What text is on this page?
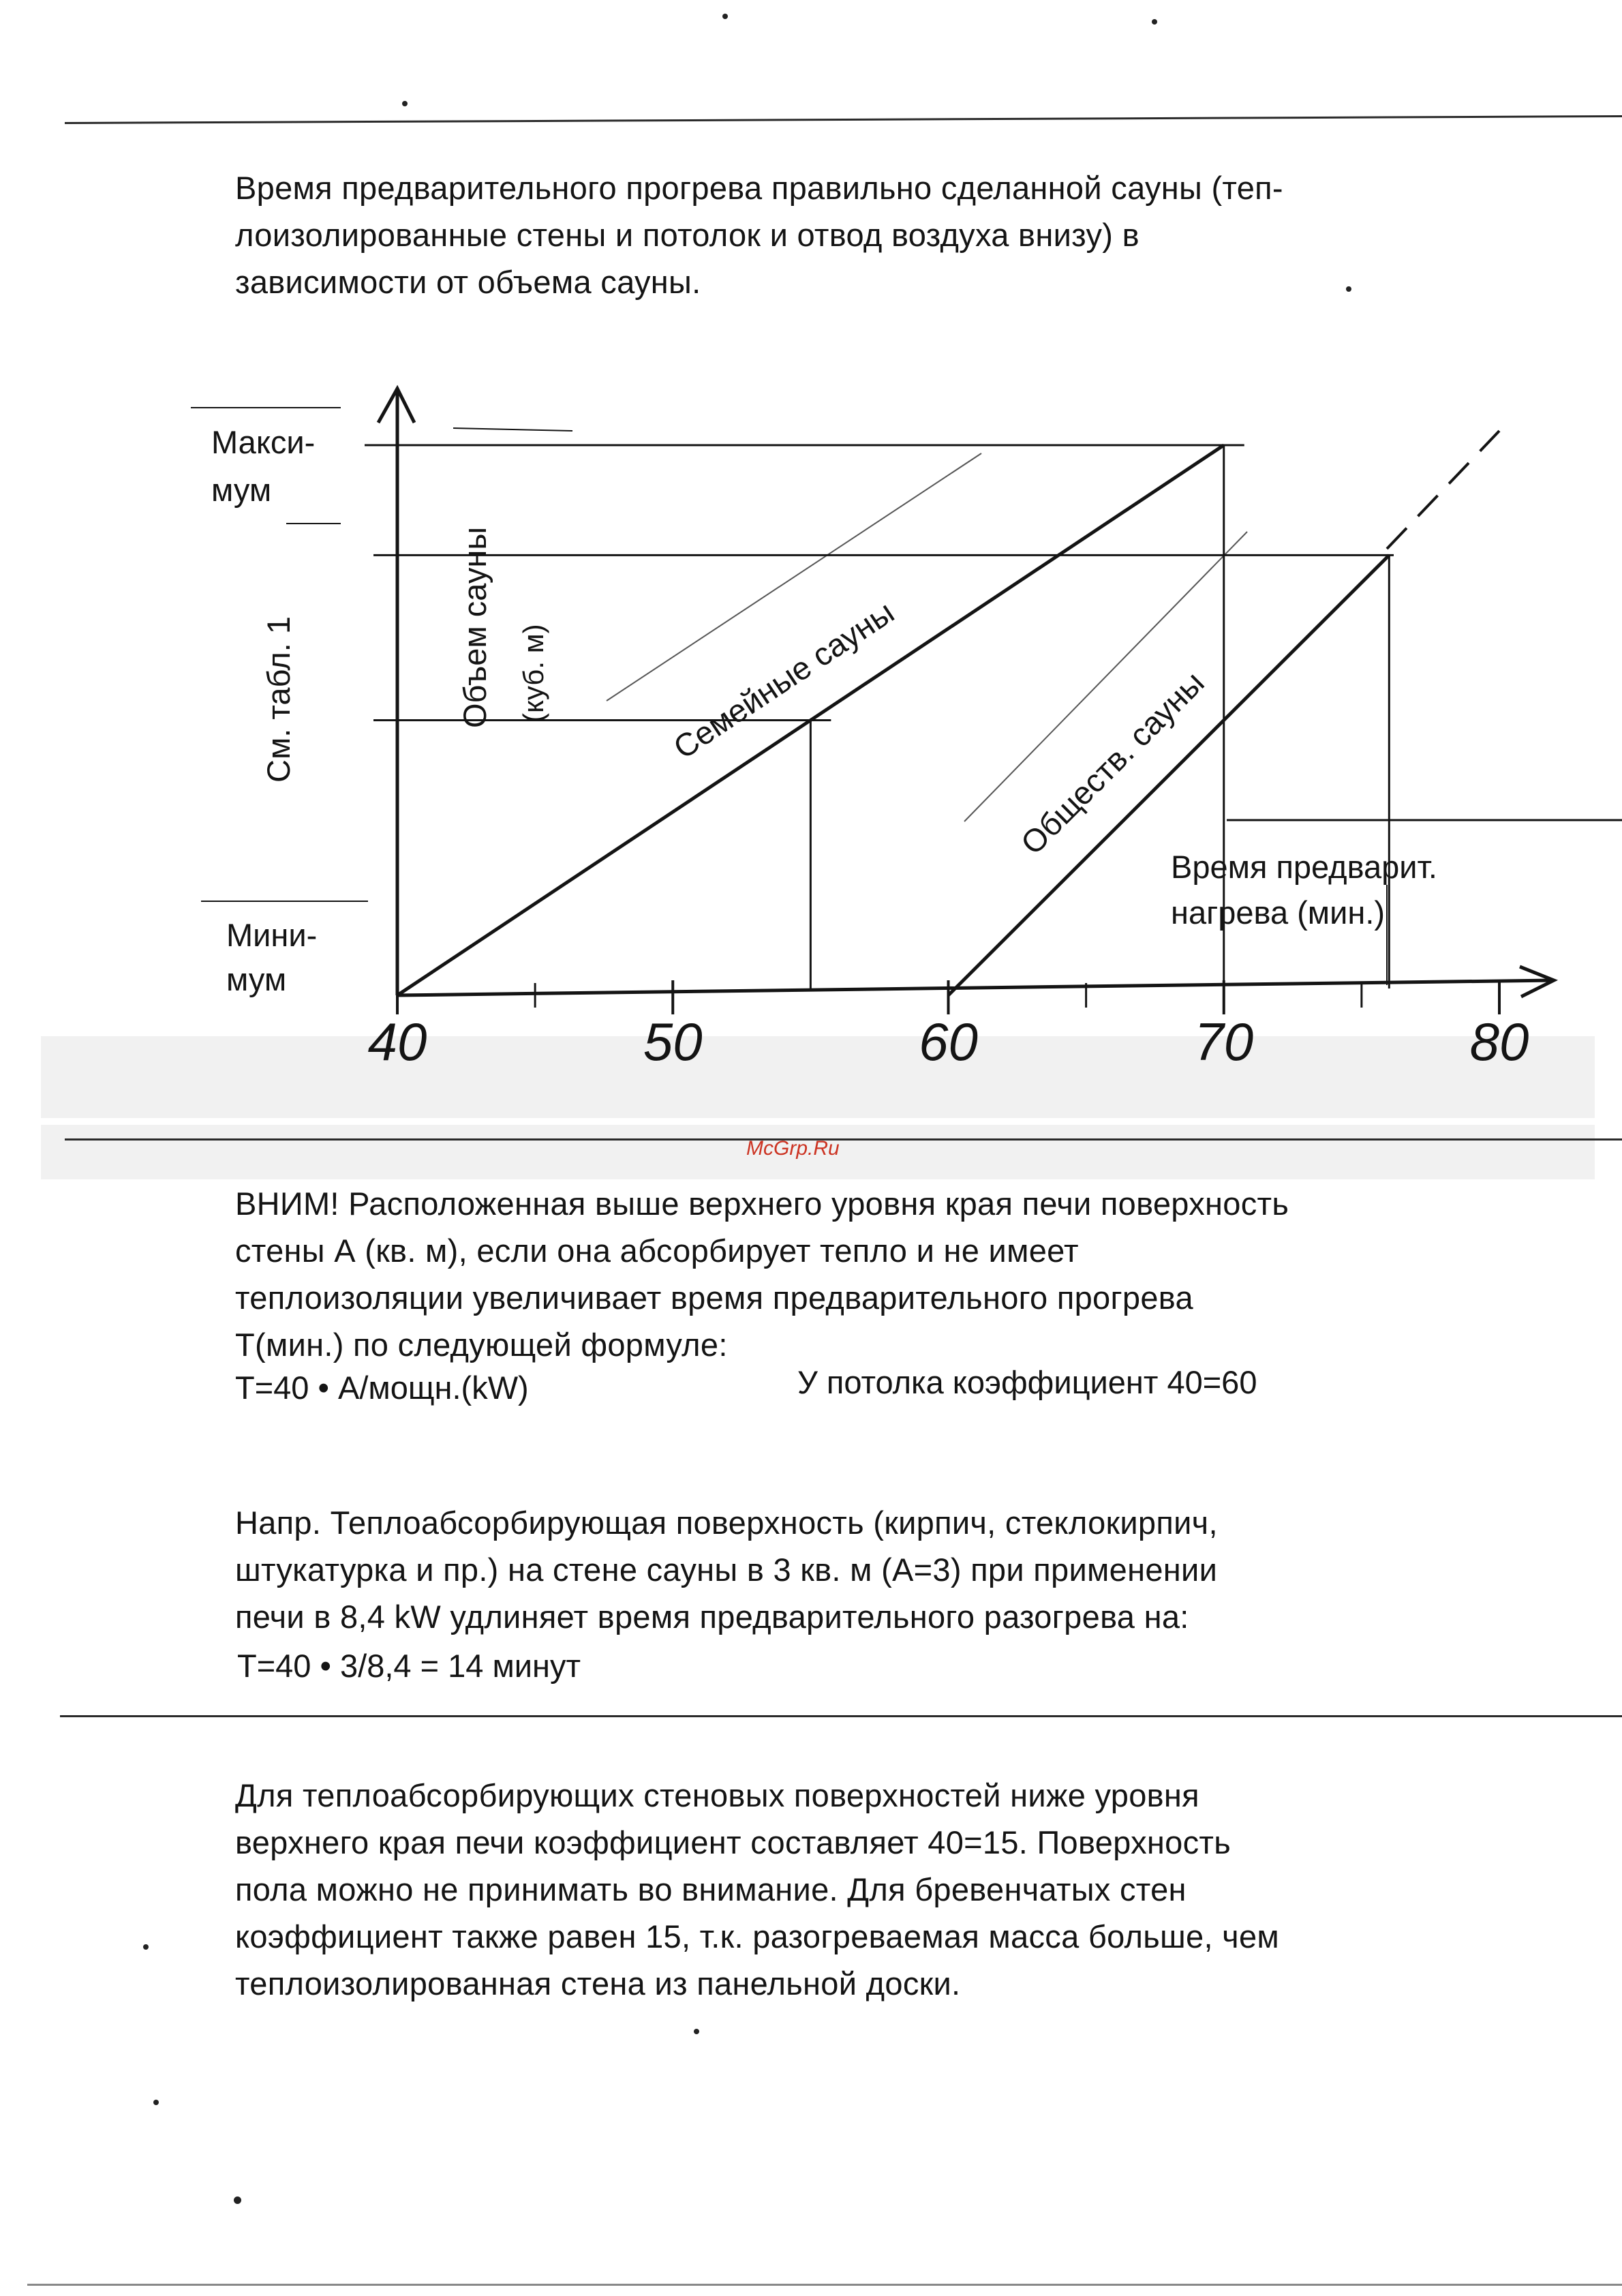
Время предварительного прогрева правильно сделанной сауны (теп-
лоизолированные стены и потолок и отвод воздуха внизу) в
зависимости от объема сауны.

40	50	60	70	80
Семейные сауны	Обществ. сауны
Макси-
мум
Мини-
мум
См. табл. 1	Объем сауны (куб. м)
Время предварит.
нагрева (мин.)
McGrp.Ru

ВНИМ! Расположенная выше верхнего уровня края печи поверхность
стены А (кв. м), если она абсорбирует тепло и не имеет
теплоизоляции увеличивает время предварительного прогрева
Т(мин.) по следующей формуле:

Т=40 • А/мощн.(kW)	У потолка коэффициент 40=60

Напр. Теплоабсорбирующая поверхность (кирпич, стеклокирпич,
штукатурка и пр.) на стене сауны в 3 кв. м (А=3) при применении
печи в 8,4 kW удлиняет время предварительного разогрева на:

Т=40 • 3/8,4 = 14 минут

Для теплоабсорбирующих стеновых поверхностей ниже уровня
верхнего края печи коэффициент составляет 40=15. Поверхность
пола можно не принимать во внимание. Для бревенчатых стен
коэффициент также равен 15, т.к. разогреваемая масса больше, чем
теплоизолированная стена из панельной доски.
